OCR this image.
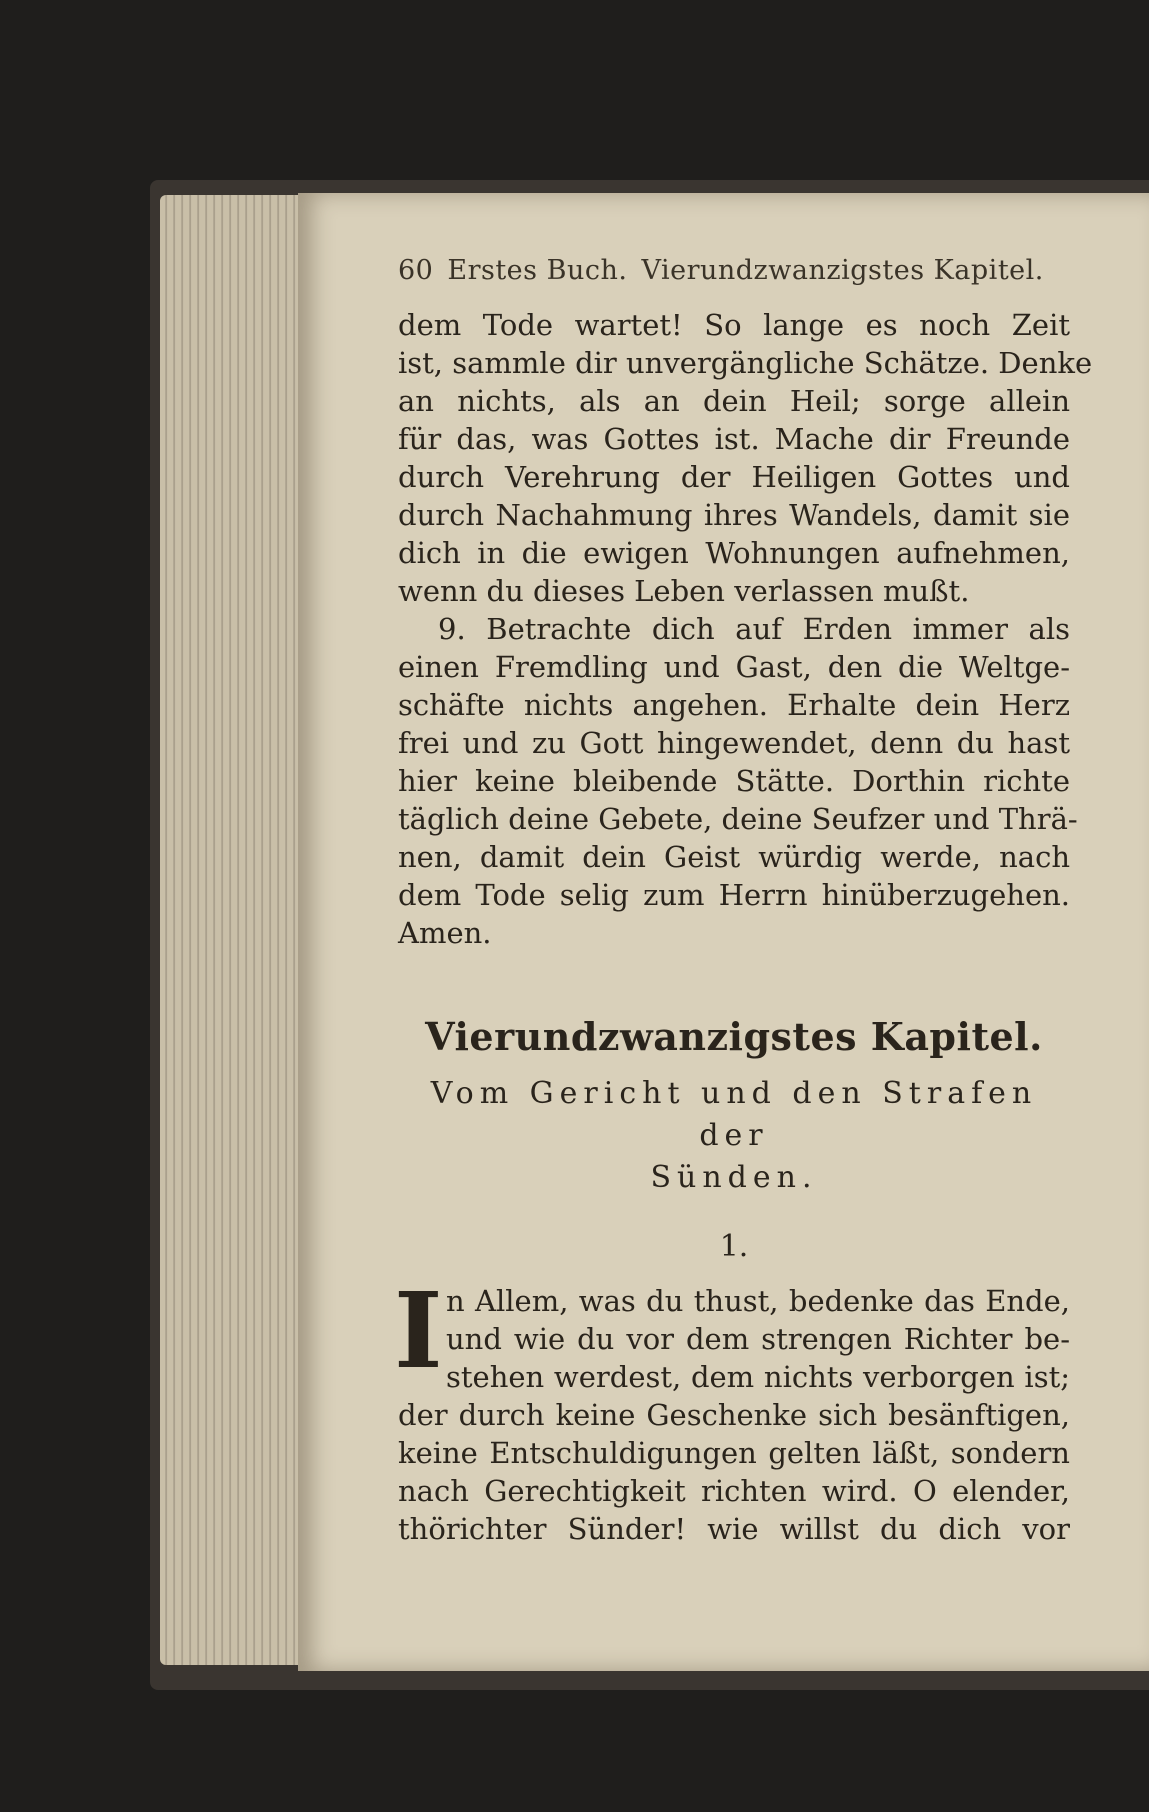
60 Erstes Buch. Vierundzwanzigstes Kapitel.
dem Tode wartet! So lange es noch Zeit
ist, sammle dir unvergängliche Schätze. Denke
an nichts, als an dein Heil; sorge allein
für das, was Gottes ist. Mache dir Freunde
durch Verehrung der Heiligen Gottes und
durch Nachahmung ihres Wandels, damit sie
dich in die ewigen Wohnungen aufnehmen,
wenn du dieses Leben verlassen mußt.
9. Betrachte dich auf Erden immer als
einen Fremdling und Gast, den die Weltge-
schäfte nichts angehen. Erhalte dein Herz
frei und zu Gott hingewendet, denn du hast
hier keine bleibende Stätte. Dorthin richte
täglich deine Gebete, deine Seufzer und Thrä-
nen, damit dein Geist würdig werde, nach
dem Tode selig zum Herrn hinüberzugehen.
Amen.
Vierundzwanzigstes Kapitel.
Vom Gericht und den Strafen der
Sünden.
1.
I n Allem, was du thust, bedenke das Ende,
und wie du vor dem strengen Richter be-
stehen werdest, dem nichts verborgen ist;
der durch keine Geschenke sich besänftigen,
keine Entschuldigungen gelten läßt, sondern
nach Gerechtigkeit richten wird. O elender,
thörichter Sünder! wie willst du dich vor
